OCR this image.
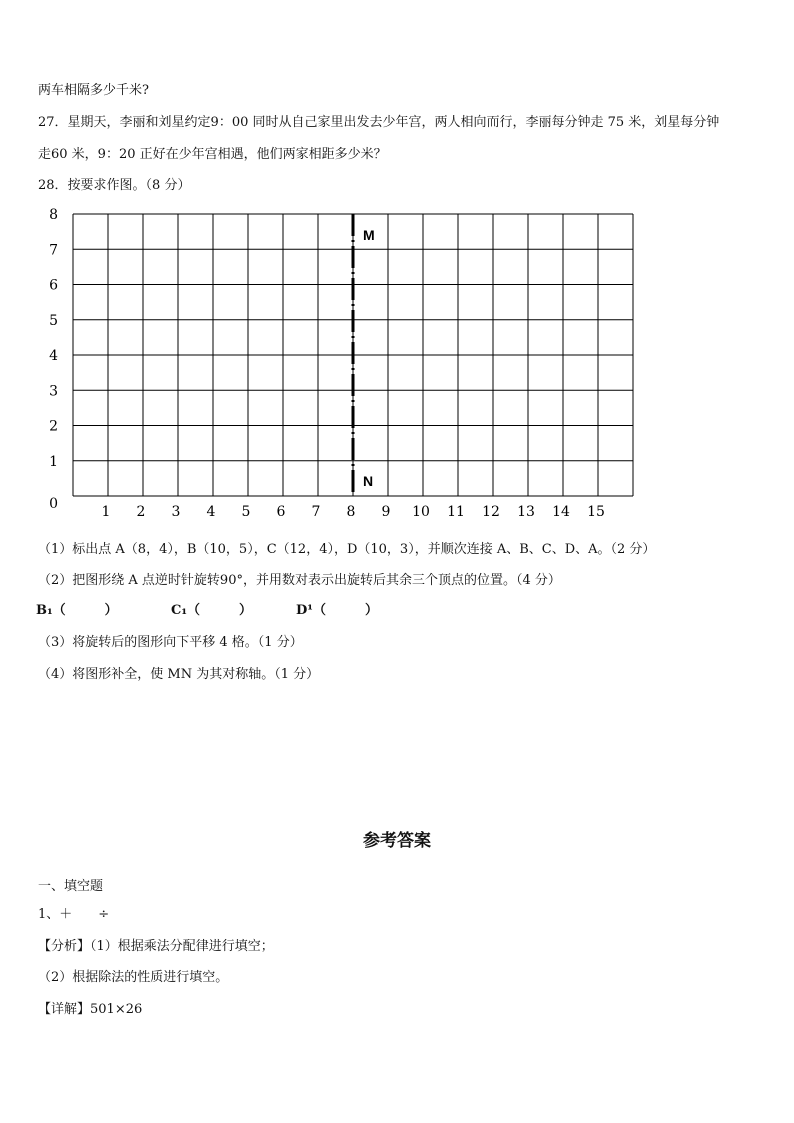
两车相隔多少千米?
27．星期天，李丽和刘星约定9：00 同时从自己家里出发去少年宫，两人相向而行，李丽每分钟走 75 米，刘星每分钟
走60 米，9：20 正好在少年宫相遇，他们两家相距多少米？
28．按要求作图。（8 分）
1 2 3 4 5 6 7 8 9 10 11 12 13 14 15
0
1
2
3
4
5
6
7
8
M
N
（1）标出点 A（8，4），B（10，5），C（12，4），D（10，3），并顺次连接 A、B、C、D、A。（2 分）
（2）把图形绕 A 点逆时针旋转90°，并用数对表示出旋转后其余三个顶点的位置。（4 分）
B₁（　　　）	C₁（　　　）	D¹（　　　）
（3）将旋转后的图形向下平移 4 格。（1 分）
（4）将图形补全，使 MN 为其对称轴。（1 分）
参考答案
一、填空题
1、＋ ÷
【分析】（1）根据乘法分配律进行填空；
（2）根据除法的性质进行填空。
【详解】501×26
